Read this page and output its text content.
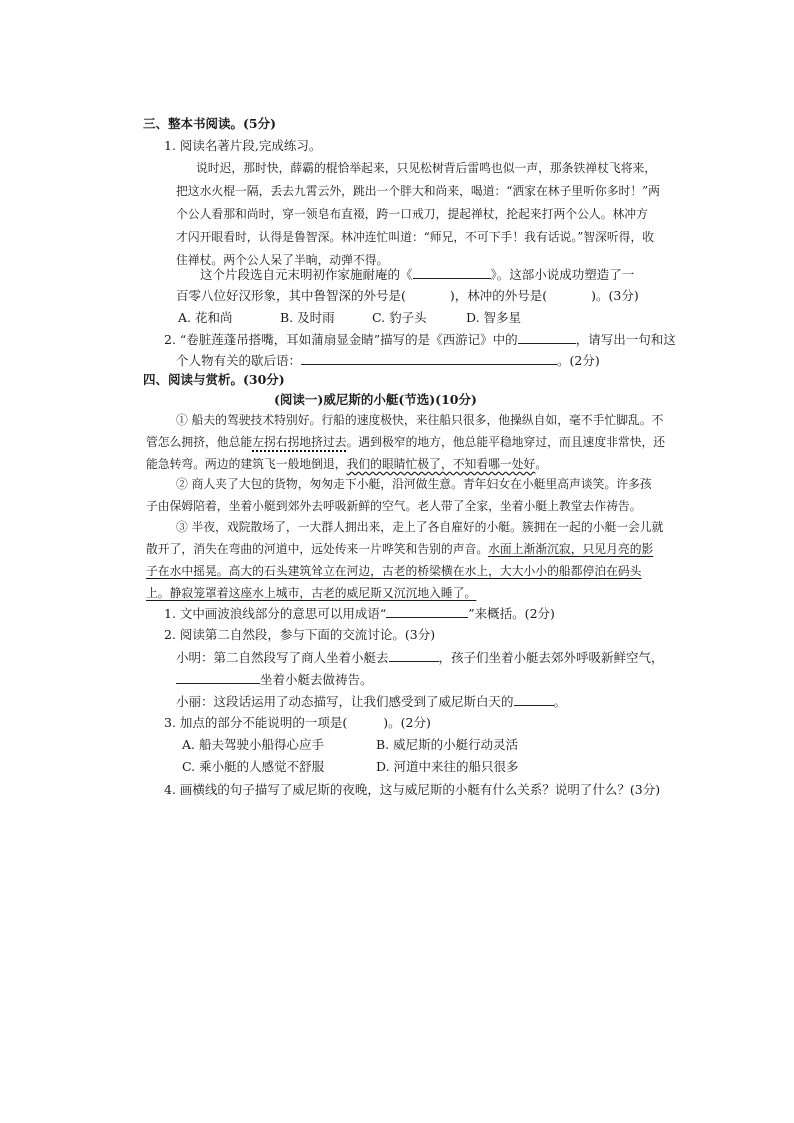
三、整本书阅读。(5分)
1. 阅读名著片段,完成练习。
说时迟，那时快，薛霸的棍恰举起来，只见松树背后雷鸣也似一声，那条铁禅杖飞将来，
把这水火棍一隔，丢去九霄云外，跳出一个胖大和尚来，喝道：“洒家在林子里听你多时！”两
个公人看那和尚时，穿一领皂布直裰，跨一口戒刀，提起禅杖，抡起来打两个公人。林冲方
才闪开眼看时，认得是鲁智深。林冲连忙叫道：“师兄，不可下手！我有话说。”智深听得，收
住禅杖。两个公人呆了半晌，动弹不得。
这个片段选自元末明初作家施耐庵的《	》。这部小说成功塑造了一
百零八位好汉形象，其中鲁智深的外号是(	)，林冲的外号是(	)。(3分)
A. 花和尚	B. 及时雨	C. 豹子头	D. 智多星
2. “卷脏莲蓬吊搭嘴，耳如蒲扇显金睛”描写的是《西游记》中的	，请写出一句和这
个人物有关的歇后语：	。(2分)
四、阅读与赏析。(30分)
(阅读一)威尼斯的小艇(节选)(10分)
① 船夫的驾驶技术特别好。行船的速度极快，来往船只很多，他操纵自如，毫不手忙脚乱。不
管怎么拥挤，他总能左拐右拐地挤过去。遇到极窄的地方，他总能平稳地穿过，而且速度非常快，还
能急转弯。两边的建筑飞一般地倒退，我们的眼睛忙极了，不知看哪一处好。
② 商人夹了大包的货物，匆匆走下小艇，沿河做生意。青年妇女在小艇里高声谈笑。许多孩
子由保姆陪着，坐着小艇到郊外去呼吸新鲜的空气。老人带了全家，坐着小艇上教堂去作祷告。
③ 半夜，戏院散场了，一大群人拥出来，走上了各自雇好的小艇。簇拥在一起的小艇一会儿就
散开了，消失在弯曲的河道中，远处传来一片哗笑和告别的声音。水面上渐渐沉寂，只见月亮的影
子在水中摇晃。高大的石头建筑耸立在河边，古老的桥梁横在水上，大大小小的船都停泊在码头
上。静寂笼罩着这座水上城市，古老的威尼斯又沉沉地入睡了。
1. 文中画波浪线部分的意思可以用成语“	”来概括。(2分)
2. 阅读第二自然段，参与下面的交流讨论。(3分)
小明：第二自然段写了商人坐着小艇去	，孩子们坐着小艇去郊外呼吸新鲜空气，
坐着小艇去做祷告。
小丽：这段话运用了动态描写，让我们感受到了威尼斯白天的	。
3. 加点的部分不能说明的一项是(	)。(2分)
A. 船夫驾驶小船得心应手	B. 威尼斯的小艇行动灵活
C. 乘小艇的人感觉不舒服	D. 河道中来往的船只很多
4. 画横线的句子描写了威尼斯的夜晚，这与威尼斯的小艇有什么关系？说明了什么？(3分)
